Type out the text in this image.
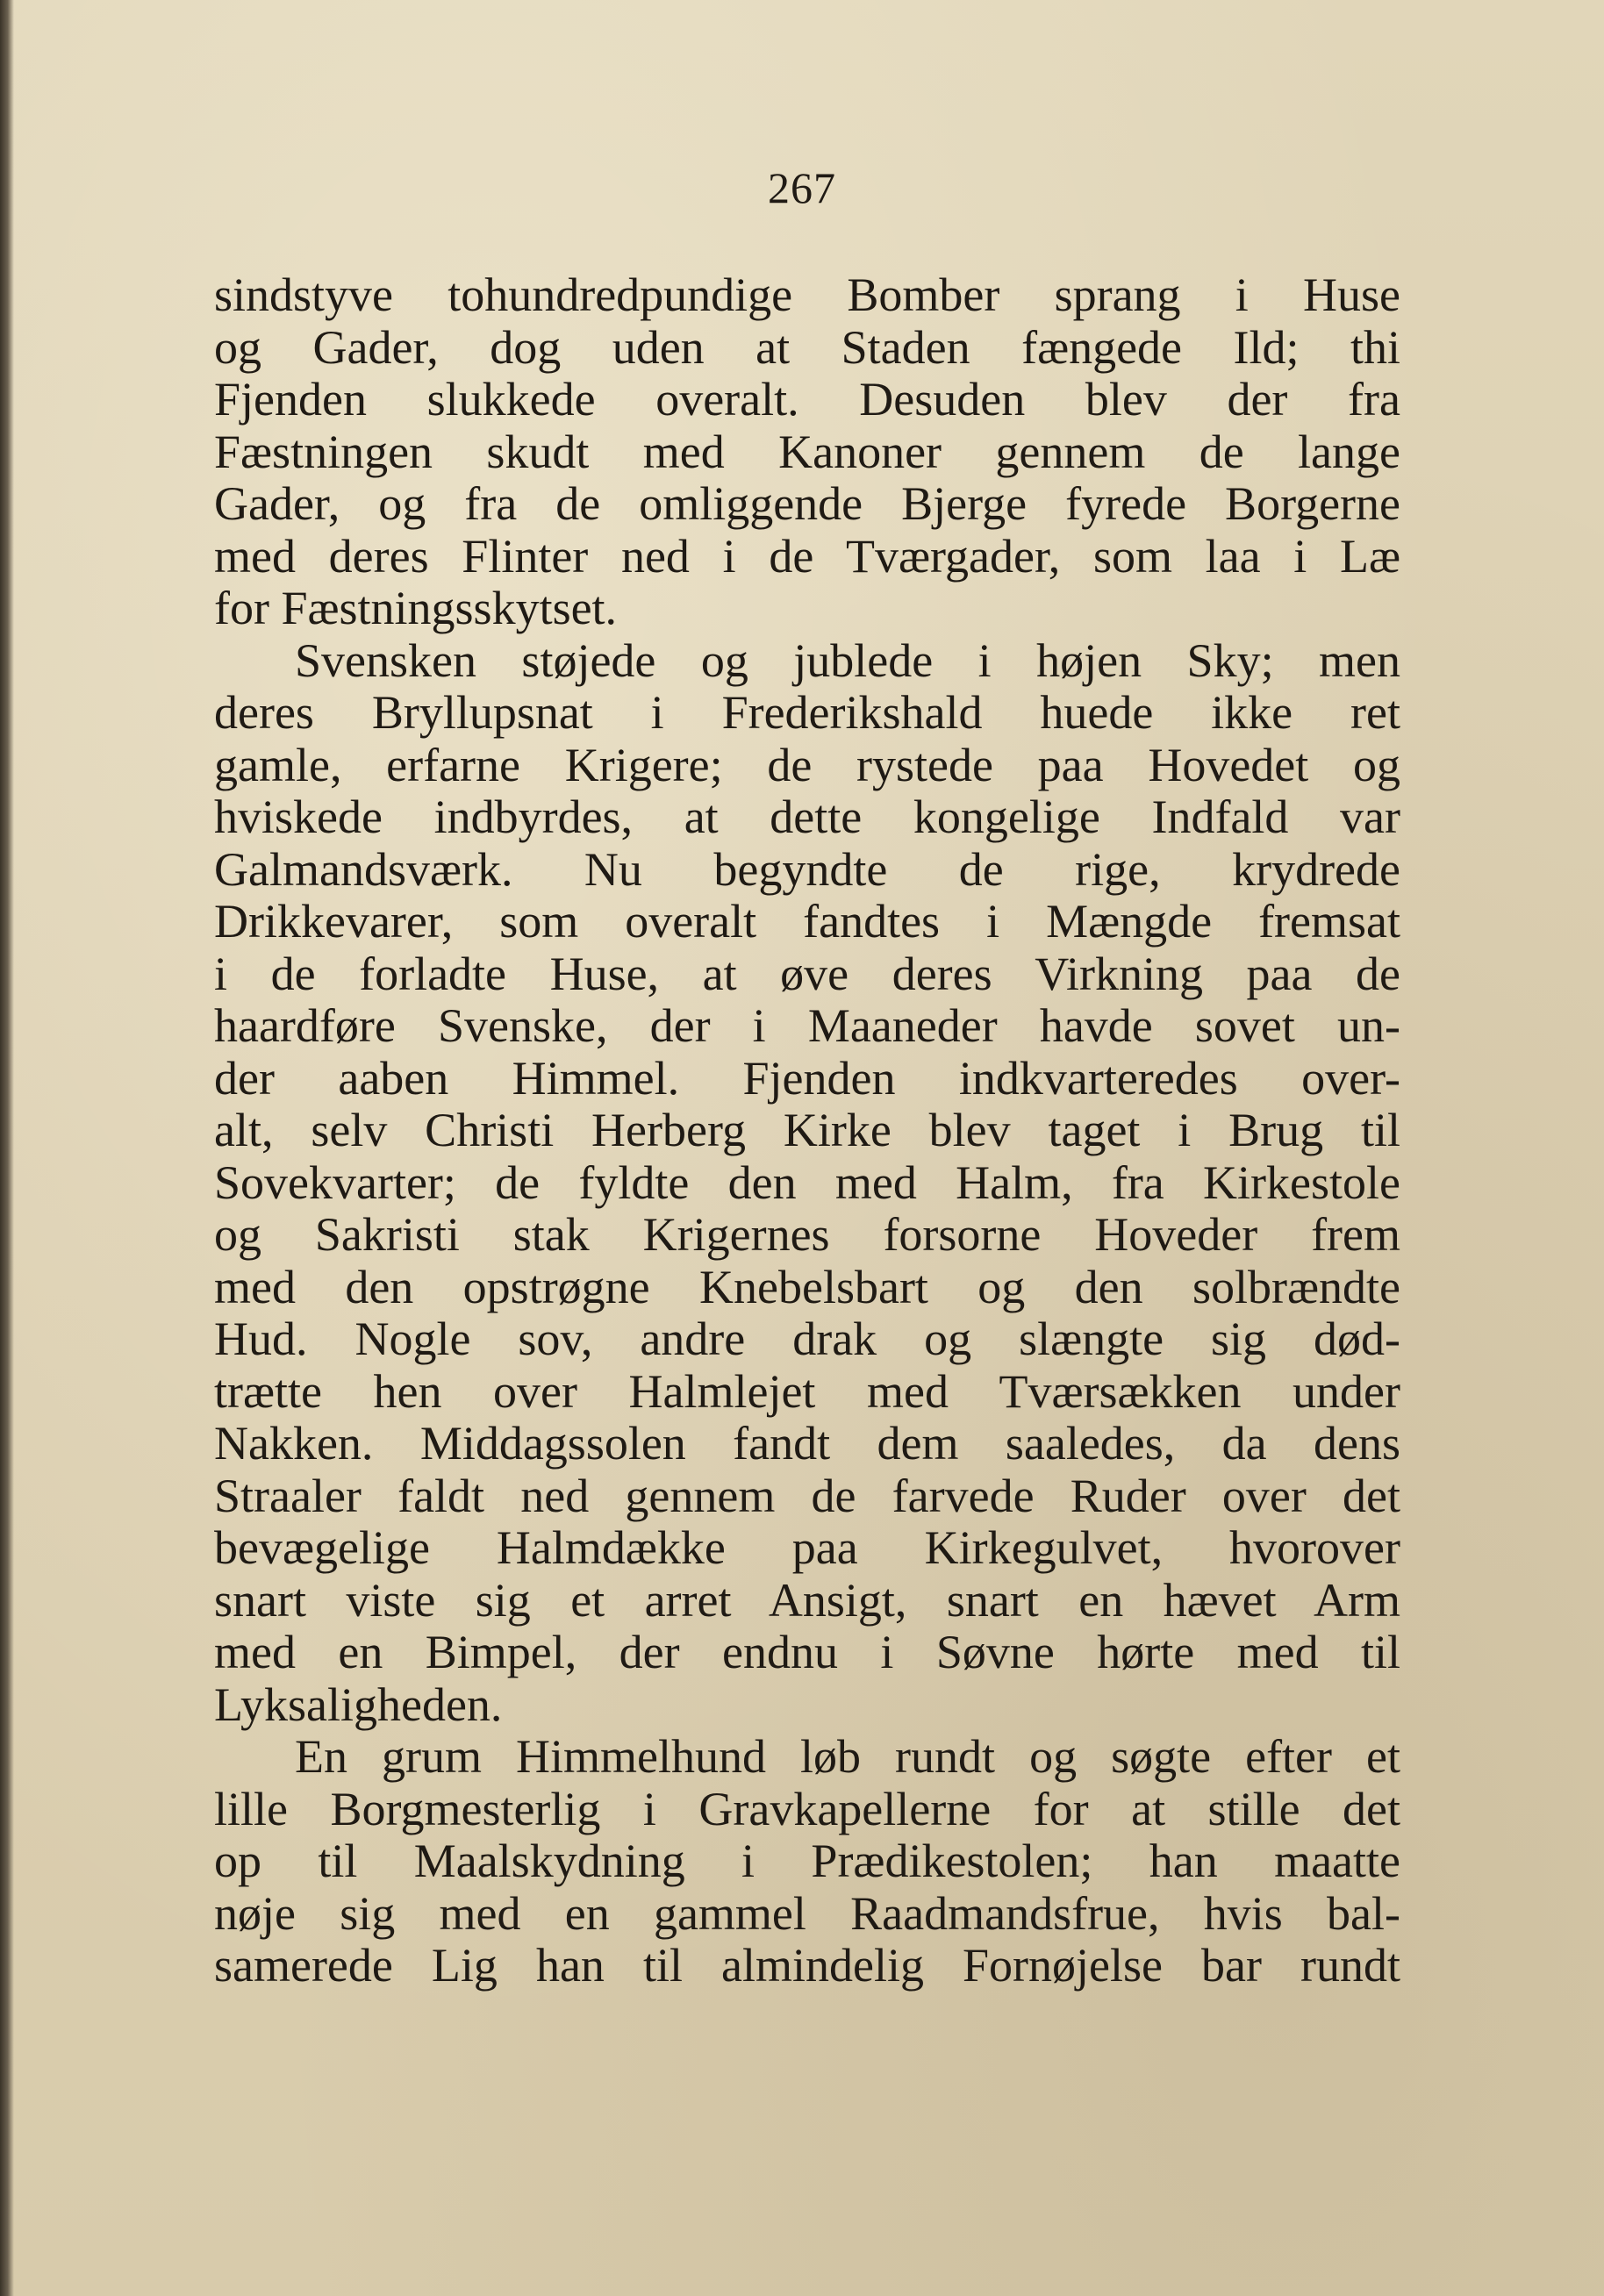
267
sindstyve tohundredpundige Bomber sprang i Huse
og Gader, dog uden at Staden fængede Ild; thi
Fjenden slukkede overalt. Desuden blev der fra
Fæstningen skudt med Kanoner gennem de lange
Gader, og fra de omliggende Bjerge fyrede Borgerne
med deres Flinter ned i de Tværgader, som laa i Læ
for Fæstningsskytset.
Svensken støjede og jublede i højen Sky; men
deres Bryllupsnat i Frederikshald huede ikke ret
gamle, erfarne Krigere; de rystede paa Hovedet og
hviskede indbyrdes, at dette kongelige Indfald var
Galmandsværk. Nu begyndte de rige, krydrede
Drikkevarer, som overalt fandtes i Mængde fremsat
i de forladte Huse, at øve deres Virkning paa de
haardføre Svenske, der i Maaneder havde sovet un-
der aaben Himmel. Fjenden indkvarteredes over-
alt, selv Christi Herberg Kirke blev taget i Brug til
Sovekvarter; de fyldte den med Halm, fra Kirkestole
og Sakristi stak Krigernes forsorne Hoveder frem
med den opstrøgne Knebelsbart og den solbrændte
Hud. Nogle sov, andre drak og slængte sig død-
trætte hen over Halmlejet med Tværsækken under
Nakken. Middagssolen fandt dem saaledes, da dens
Straaler faldt ned gennem de farvede Ruder over det
bevægelige Halmdække paa Kirkegulvet, hvorover
snart viste sig et arret Ansigt, snart en hævet Arm
med en Bimpel, der endnu i Søvne hørte med til
Lyksaligheden.
En grum Himmelhund løb rundt og søgte efter et
lille Borgmesterlig i Gravkapellerne for at stille det
op til Maalskydning i Prædikestolen; han maatte
nøje sig med en gammel Raadmandsfrue, hvis bal-
samerede Lig han til almindelig Fornøjelse bar rundt
